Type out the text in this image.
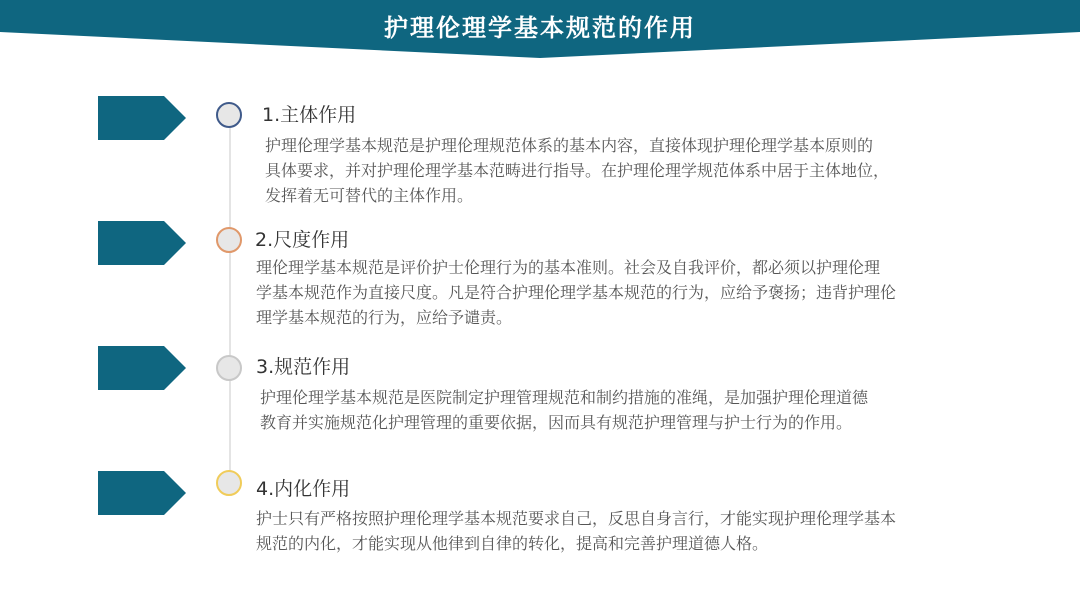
护理伦理学基本规范的作用
1.主体作用
护理伦理学基本规范是护理伦理规范体系的基本内容，直接体现护理伦理学基本原则的
具体要求，并对护理伦理学基本范畴进行指导。在护理伦理学规范体系中居于主体地位，
发挥着无可替代的主体作用。
2.尺度作用
理伦理学基本规范是评价护士伦理行为的基本准则。社会及自我评价，都必须以护理伦理
学基本规范作为直接尺度。凡是符合护理伦理学基本规范的行为，应给予褒扬；违背护理伦
理学基本规范的行为，应给予谴责。
3.规范作用
护理伦理学基本规范是医院制定护理管理规范和制约措施的准绳，是加强护理伦理道德
教育并实施规范化护理管理的重要依据，因而具有规范护理管理与护士行为的作用。
4.内化作用
护士只有严格按照护理伦理学基本规范要求自己，反思自身言行，才能实现护理伦理学基本
规范的内化，才能实现从他律到自律的转化，提高和完善护理道德人格。
